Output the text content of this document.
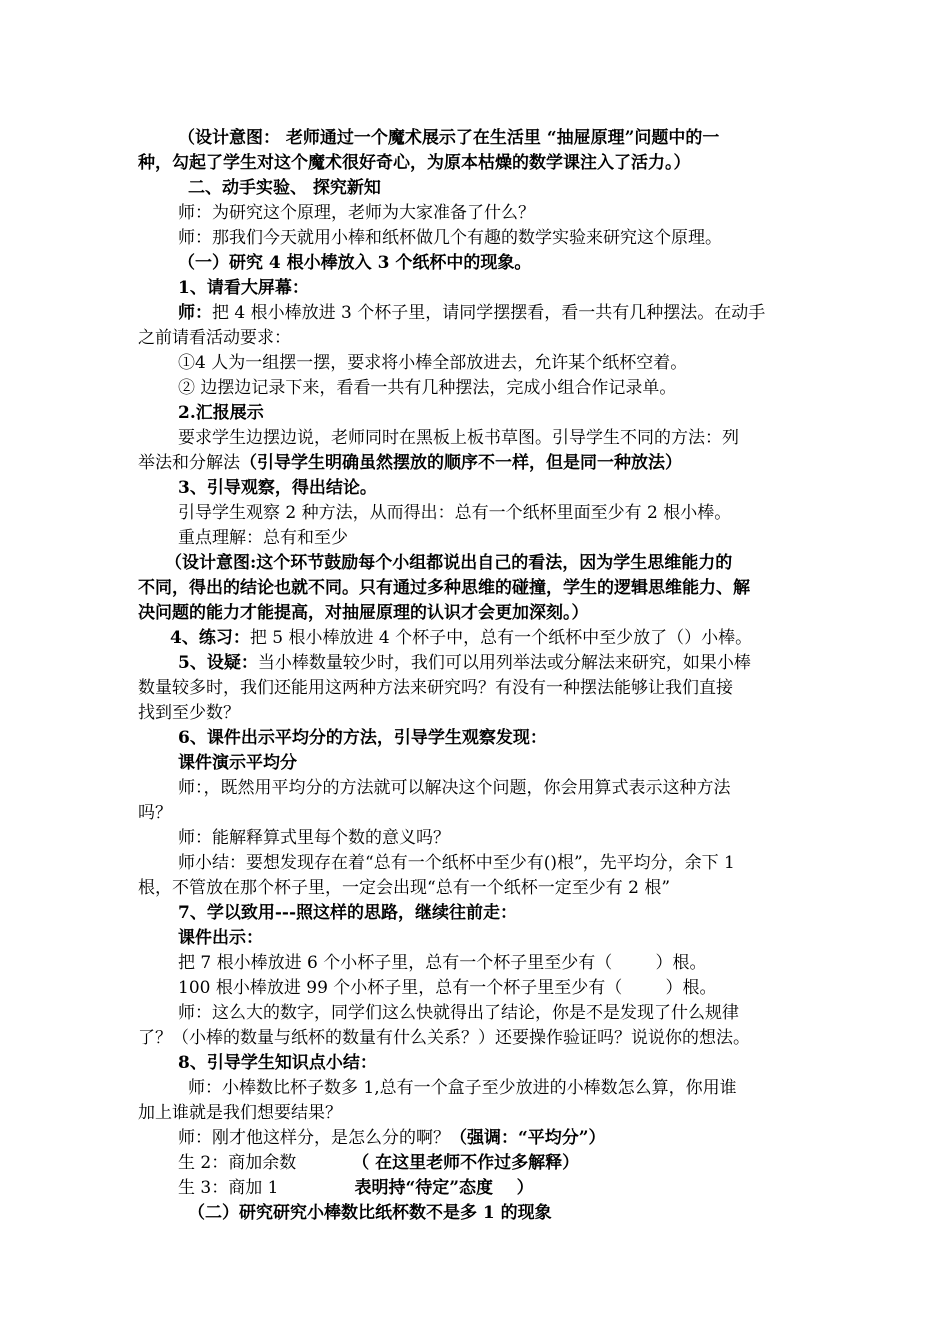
（设计意图： 老师通过一个魔术展示了在生活里 “抽屉原理”问题中的一
种，勾起了学生对这个魔术很好奇心，为原本枯燥的数学课注入了活力。）
二、动手实验、 探究新知
师：为研究这个原理，老师为大家准备了什么？
师：那我们今天就用小棒和纸杯做几个有趣的数学实验来研究这个原理。
（一）研究 4 根小棒放入 3 个纸杯中的现象。
1、请看大屏幕：
师：把 4 根小棒放进 3 个杯子里，请同学摆摆看，看一共有几种摆法。在动手
之前请看活动要求：
①4 人为一组摆一摆，要求将小棒全部放进去，允许某个纸杯空着。
② 边摆边记录下来，看看一共有几种摆法，完成小组合作记录单。
2.汇报展示
要求学生边摆边说，老师同时在黑板上板书草图。引导学生不同的方法：列
举法和分解法（引导学生明确虽然摆放的顺序不一样，但是同一种放法）
3、引导观察，得出结论。
引导学生观察 2 种方法，从而得出：总有一个纸杯里面至少有 2 根小棒。
重点理解：总有和至少
（设计意图:这个环节鼓励每个小组都说出自己的看法，因为学生思维能力的
不同，得出的结论也就不同。只有通过多种思维的碰撞，学生的逻辑思维能力、解
决问题的能力才能提高，对抽屉原理的认识才会更加深刻。）
4、练习：把 5 根小棒放进 4 个杯子中，总有一个纸杯中至少放了（）小棒。
5、设疑：当小棒数量较少时，我们可以用列举法或分解法来研究，如果小棒
数量较多时，我们还能用这两种方法来研究吗？有没有一种摆法能够让我们直接
找到至少数？
6、课件出示平均分的方法，引导学生观察发现：
课件演示平均分
师：，既然用平均分的方法就可以解决这个问题，你会用算式表示这种方法
吗？
师：能解释算式里每个数的意义吗？
师小结：要想发现存在着“总有一个纸杯中至少有()根”，先平均分，余下 1
根，不管放在那个杯子里，一定会出现“总有一个纸杯一定至少有 2 根”
7、学以致用---照这样的思路，继续往前走：
课件出示：
把 7 根小棒放进 6 个小杯子里，总有一个杯子里至少有（        ）根。
100 根小棒放进 99 个小杯子里，总有一个杯子里至少有（        ）根。
师：这么大的数字，同学们这么快就得出了结论，你是不是发现了什么规律
了？（小棒的数量与纸杯的数量有什么关系？）还要操作验证吗？说说你的想法。
8、引导学生知识点小结：
师：小棒数比杯子数多 1,总有一个盒子至少放进的小棒数怎么算，你用谁
加上谁就是我们想要结果？
师：刚才他这样分，是怎么分的啊？（强调：“平均分”）
生 2：商加余数	（ 在这里老师不作过多解释）
生 3：商加 1	表明持“待定”态度    ）
（二）研究研究小棒数比纸杯数不是多 1 的现象
